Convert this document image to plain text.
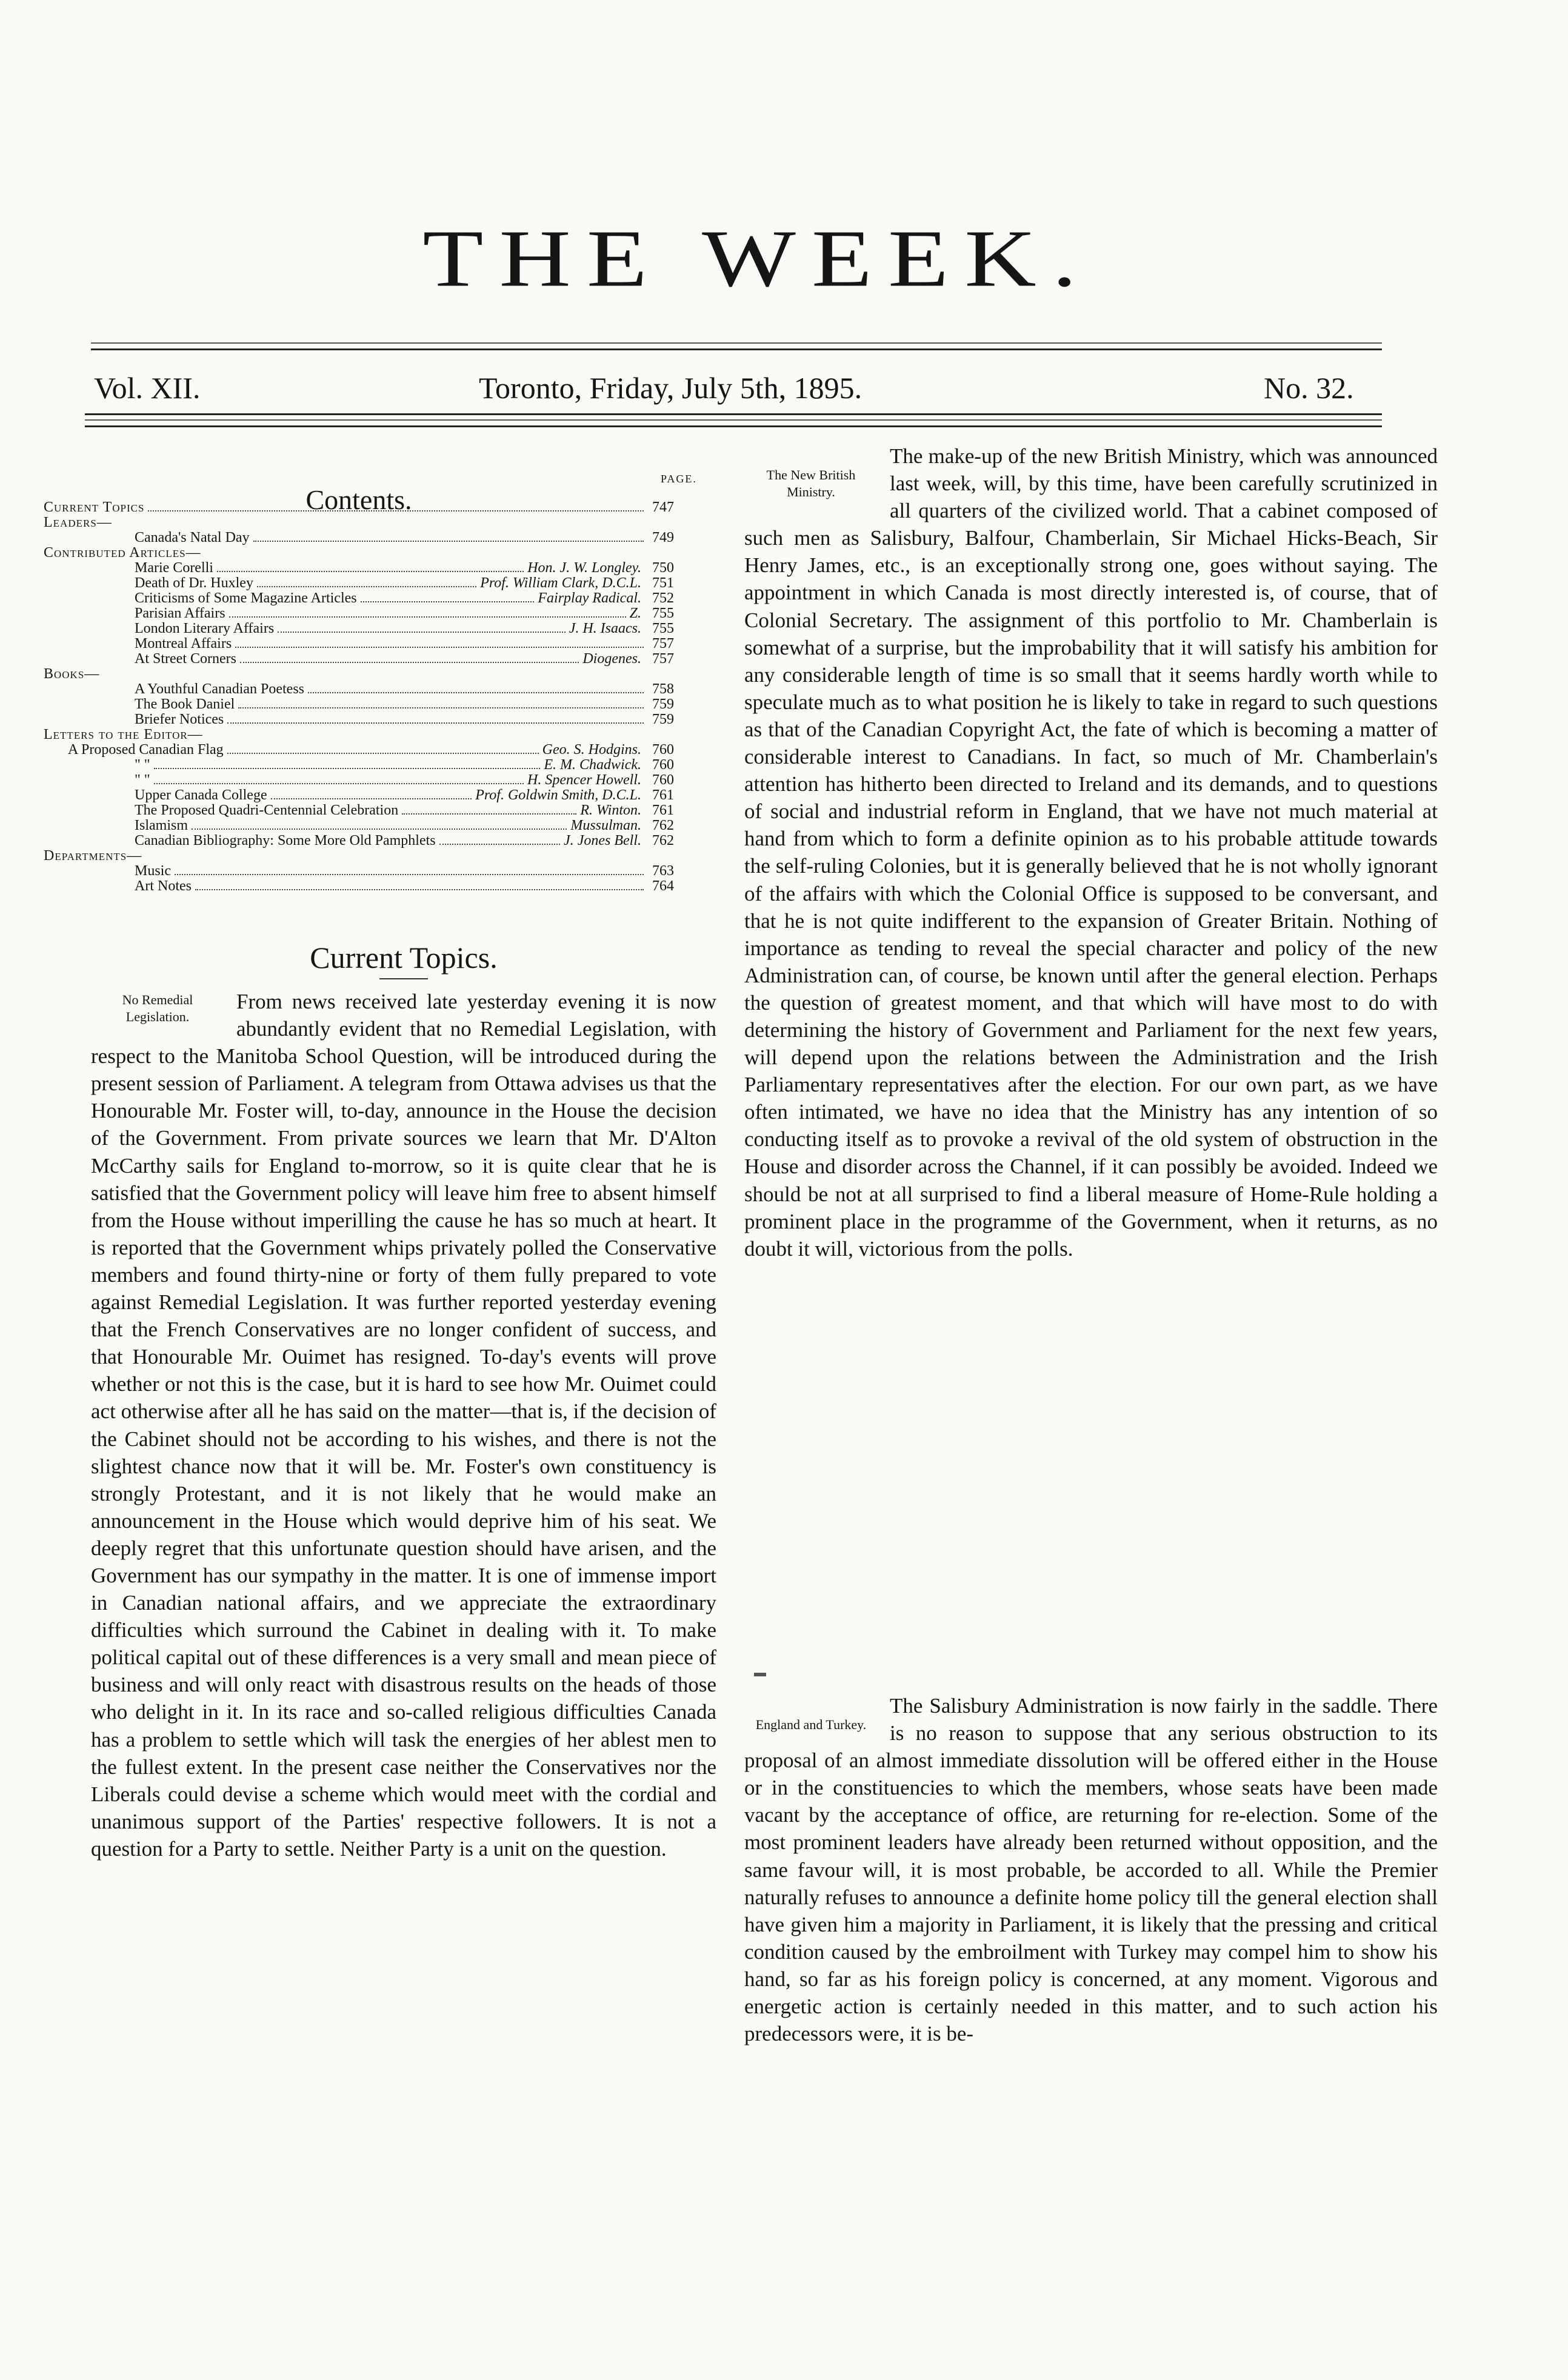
THE WEEK.
Vol. XII.	Toronto, Friday, July 5th, 1895.	No. 32.
Contents.
PAGE.
Current Topics	747
Leaders—
Canada's Natal Day	749
Contributed Articles—
Marie Corelli	Hon. J. W. Longley. 750
Death of Dr. Huxley	Prof. William Clark, D.C.L. 751
Criticisms of Some Magazine Articles	Fairplay Radical. 752
Parisian Affairs	Z. 755
London Literary Affairs	J. H. Isaacs. 755
Montreal Affairs	757
At Street Corners	Diogenes. 757
Books—
A Youthful Canadian Poetess	758
The Book Daniel	759
Briefer Notices	759
Letters to the Editor—
A Proposed Canadian Flag	Geo. S. Hodgins. 760
" "	E. M. Chadwick. 760
" "	H. Spencer Howell. 760
Upper Canada College	Prof. Goldwin Smith, D.C.L. 761
The Proposed Quadri-Centennial Celebration	R. Winton. 761
Islamism	Mussulman. 762
Canadian Bibliography: Some More Old Pamphlets	J. Jones Bell. 762
Departments—
Music	763
Art Notes	764
Current Topics.
No Remedial Legislation.

From news received late yesterday evening it is now abundantly evident that no Remedial Legislation, with respect to the Manitoba School Question, will be introduced during the present session of Parliament. A telegram from Ottawa advises us that the Honourable Mr. Foster will, to-day, announce in the House the decision of the Government. From private sources we learn that Mr. D'Alton McCarthy sails for England to-morrow, so it is quite clear that he is satisfied that the Government policy will leave him free to absent himself from the House without imperilling the cause he has so much at heart. It is reported that the Government whips privately polled the Conservative members and found thirty-nine or forty of them fully prepared to vote against Remedial Legislation. It was further reported yesterday evening that the French Conservatives are no longer confident of success, and that Honourable Mr. Ouimet has resigned. To-day's events will prove whether or not this is the case, but it is hard to see how Mr. Ouimet could act otherwise after all he has said on the matter—that is, if the decision of the Cabinet should not be according to his wishes, and there is not the slightest chance now that it will be. Mr. Foster's own constituency is strongly Protestant, and it is not likely that he would make an announcement in the House which would deprive him of his seat. We deeply regret that this unfortunate question should have arisen, and the Government has our sympathy in the matter. It is one of immense import in Canadian national affairs, and we appreciate the extraordinary difficulties which surround the Cabinet in dealing with it. To make political capital out of these differences is a very small and mean piece of business and will only react with disastrous results on the heads of those who delight in it. In its race and so-called religious difficulties Canada has a problem to settle which will task the energies of her ablest men to the fullest extent. In the present case neither the Conservatives nor the Liberals could devise a scheme which would meet with the cordial and unanimous support of the Parties' respective followers. It is not a question for a Party to settle. Neither Party is a unit on the question.

The New British Ministry.

The make-up of the new British Ministry, which was announced last week, will, by this time, have been carefully scrutinized in all quarters of the civilized world. That a cabinet composed of such men as Salisbury, Balfour, Chamberlain, Sir Michael Hicks-Beach, Sir Henry James, etc., is an exceptionally strong one, goes without saying. The appointment in which Canada is most directly interested is, of course, that of Colonial Secretary. The assignment of this portfolio to Mr. Chamberlain is somewhat of a surprise, but the improbability that it will satisfy his ambition for any considerable length of time is so small that it seems hardly worth while to speculate much as to what position he is likely to take in regard to such questions as that of the Canadian Copyright Act, the fate of which is becoming a matter of considerable interest to Canadians. In fact, so much of Mr. Chamberlain's attention has hitherto been directed to Ireland and its demands, and to questions of social and industrial reform in England, that we have not much material at hand from which to form a definite opinion as to his probable attitude towards the self-ruling Colonies, but it is generally believed that he is not wholly ignorant of the affairs with which the Colonial Office is supposed to be conversant, and that he is not quite indifferent to the expansion of Greater Britain. Nothing of importance as tending to reveal the special character and policy of the new Administration can, of course, be known until after the general election. Perhaps the question of greatest moment, and that which will have most to do with determining the history of Government and Parliament for the next few years, will depend upon the relations between the Administration and the Irish Parliamentary representatives after the election. For our own part, as we have often intimated, we have no idea that the Ministry has any intention of so conducting itself as to provoke a revival of the old system of obstruction in the House and disorder across the Channel, if it can possibly be avoided. Indeed we should be not at all surprised to find a liberal measure of Home-Rule holding a prominent place in the programme of the Government, when it returns, as no doubt it will, victorious from the polls.

England and Turkey.

The Salisbury Administration is now fairly in the saddle. There is no reason to suppose that any serious obstruction to its proposal of an almost immediate dissolution will be offered either in the House or in the constituencies to which the members, whose seats have been made vacant by the acceptance of office, are returning for re-election. Some of the most prominent leaders have already been returned without opposition, and the same favour will, it is most probable, be accorded to all. While the Premier naturally refuses to announce a definite home policy till the general election shall have given him a majority in Parliament, it is likely that the pressing and critical condition caused by the embroilment with Turkey may compel him to show his hand, so far as his foreign policy is concerned, at any moment. Vigorous and energetic action is certainly needed in this matter, and to such action his predecessors were, it is be-
